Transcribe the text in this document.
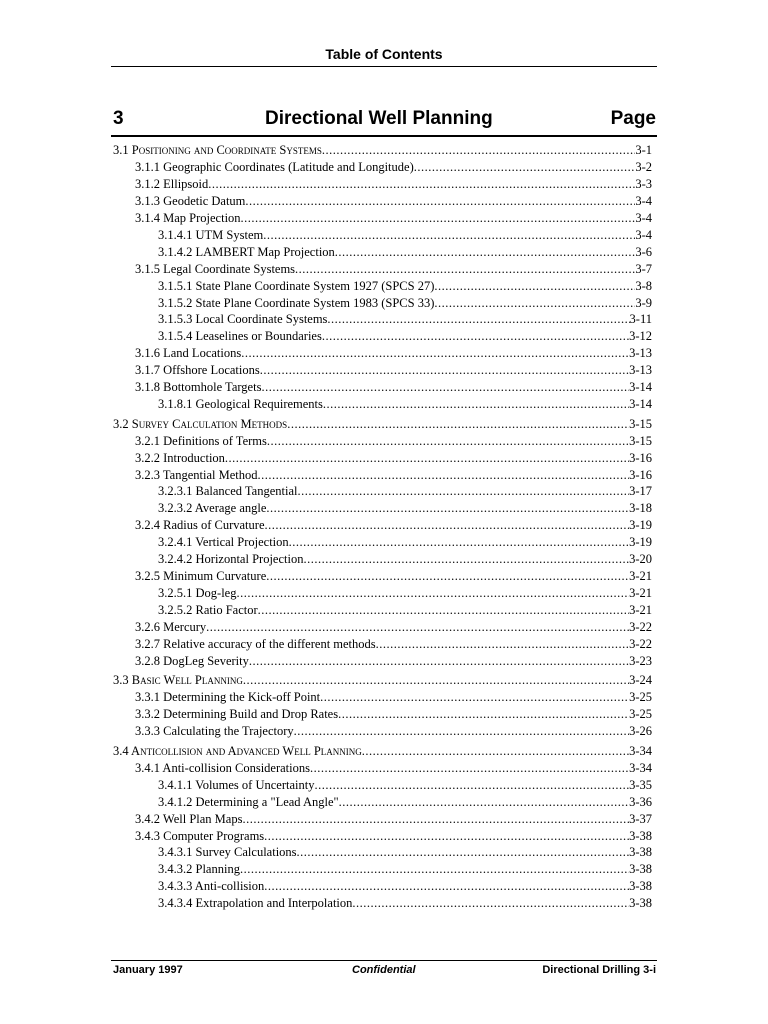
Table of Contents
3	Directional Well Planning	Page
3.1 Positioning and Coordinate Systems .....	3-1
3.1.1 Geographic Coordinates (Latitude and Longitude) .....	3-2
3.1.2 Ellipsoid .....	3-3
3.1.3 Geodetic Datum .....	3-4
3.1.4 Map Projection .....	3-4
3.1.4.1 UTM System .....	3-4
3.1.4.2 LAMBERT Map Projection .....	3-6
3.1.5 Legal Coordinate Systems .....	3-7
3.1.5.1 State Plane Coordinate System 1927 (SPCS 27) .....	3-8
3.1.5.2 State Plane Coordinate System 1983 (SPCS 33) .....	3-9
3.1.5.3 Local Coordinate Systems .....	3-11
3.1.5.4 Leaselines or Boundaries .....	3-12
3.1.6 Land Locations .....	3-13
3.1.7 Offshore Locations .....	3-13
3.1.8 Bottomhole Targets .....	3-14
3.1.8.1 Geological Requirements .....	3-14
3.2 Survey Calculation Methods .....	3-15
3.2.1 Definitions of Terms .....	3-15
3.2.2 Introduction .....	3-16
3.2.3 Tangential Method .....	3-16
3.2.3.1 Balanced Tangential .....	3-17
3.2.3.2 Average angle .....	3-18
3.2.4 Radius of Curvature .....	3-19
3.2.4.1 Vertical Projection .....	3-19
3.2.4.2 Horizontal Projection .....	3-20
3.2.5 Minimum Curvature .....	3-21
3.2.5.1 Dog-leg .....	3-21
3.2.5.2 Ratio Factor .....	3-21
3.2.6 Mercury .....	3-22
3.2.7 Relative accuracy of the different methods .....	3-22
3.2.8 DogLeg Severity .....	3-23
3.3 Basic Well Planning .....	3-24
3.3.1 Determining the Kick-off Point .....	3-25
3.3.2 Determining Build and Drop Rates .....	3-25
3.3.3 Calculating the Trajectory .....	3-26
3.4 Anticollision and Advanced Well Planning .....	3-34
3.4.1 Anti-collision Considerations .....	3-34
3.4.1.1 Volumes of Uncertainty .....	3-35
3.4.1.2 Determining a "Lead Angle" .....	3-36
3.4.2 Well Plan Maps .....	3-37
3.4.3 Computer Programs .....	3-38
3.4.3.1 Survey Calculations .....	3-38
3.4.3.2 Planning .....	3-38
3.4.3.3 Anti-collision .....	3-38
3.4.3.4 Extrapolation and Interpolation .....	3-38
January 1997	Confidential	Directional Drilling 3-i
